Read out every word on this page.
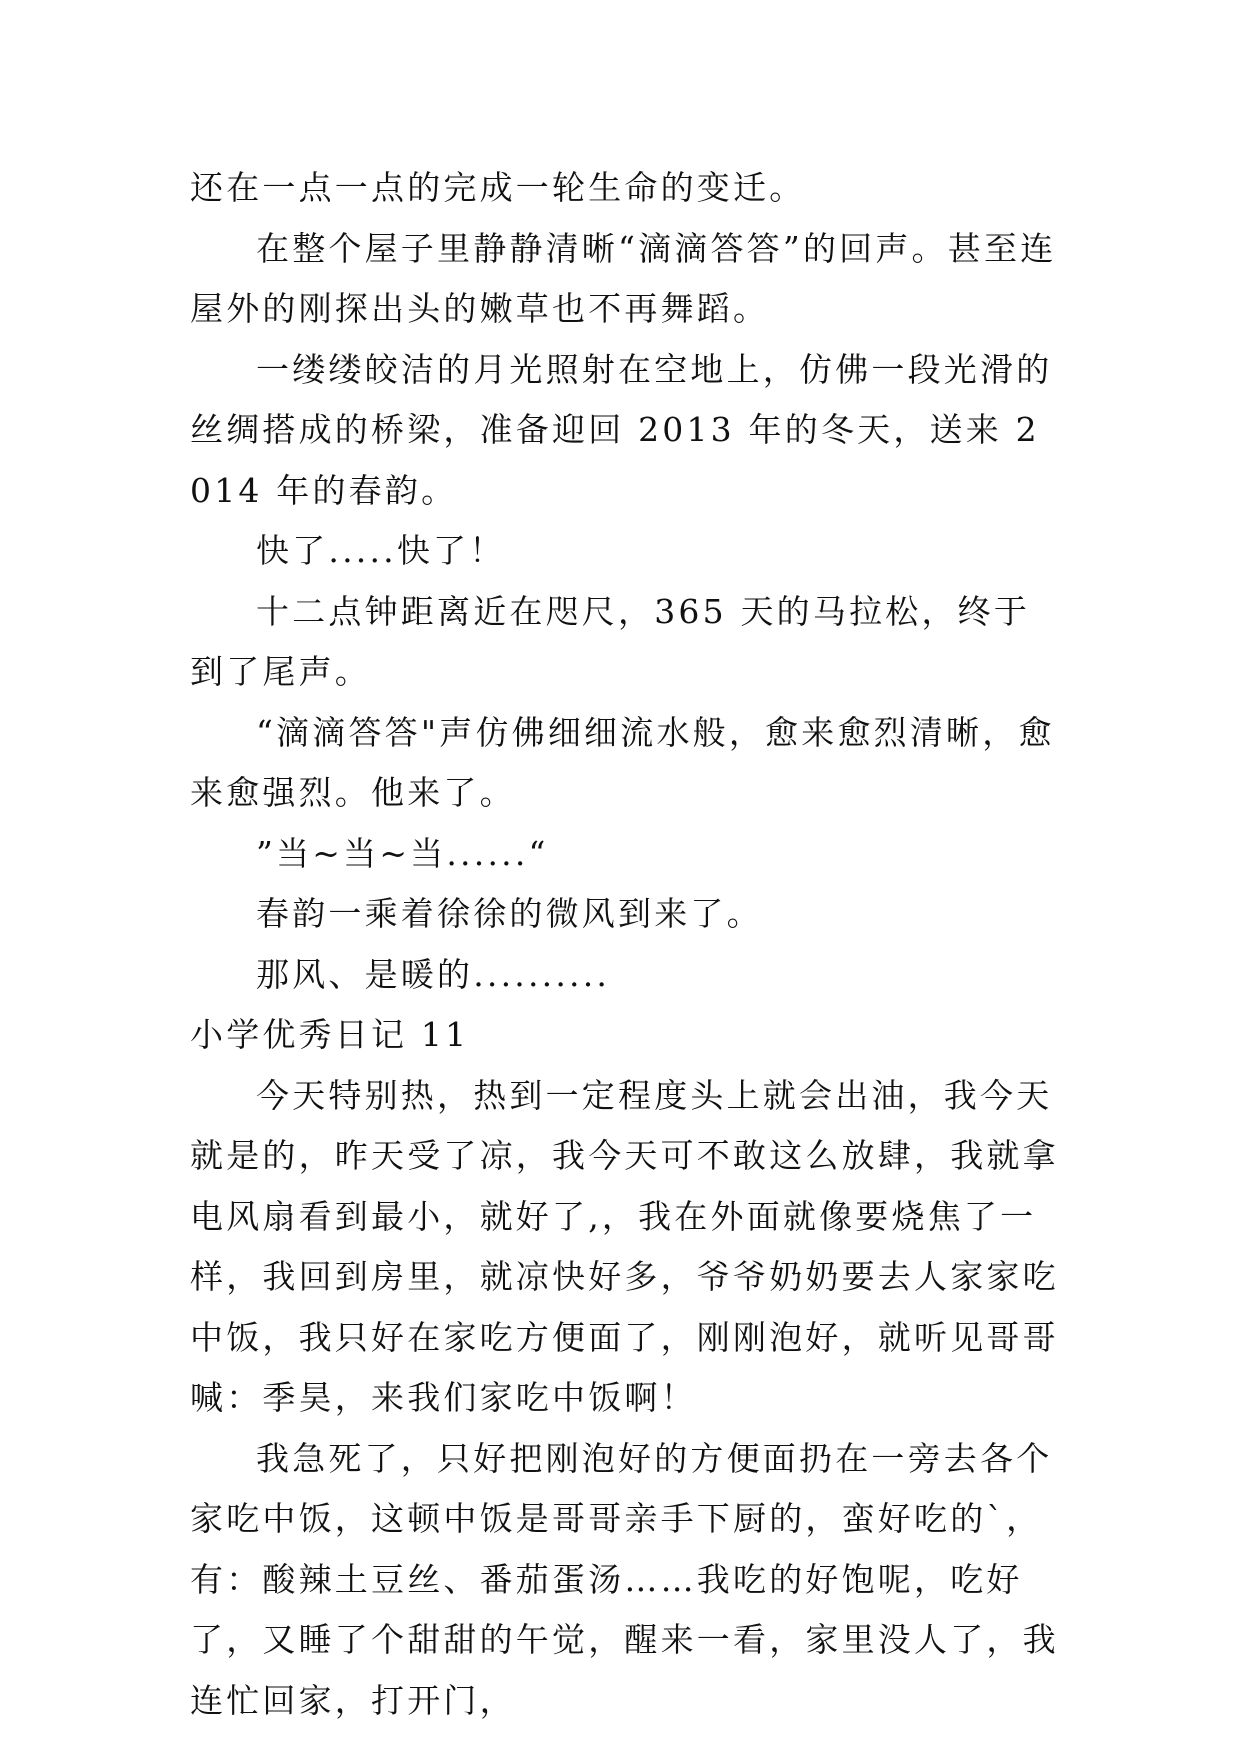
还在一点一点的完成一轮生命的变迁。

在整个屋子里静静清晰“滴滴答答”的回声。甚至连屋外的刚探出头的嫩草也不再舞蹈。

一缕缕皎洁的月光照射在空地上，仿佛一段光滑的丝绸搭成的桥梁，准备迎回 2013 年的冬天，送来 2014 年的春韵。

快了.....快了！

十二点钟距离近在咫尺，365 天的马拉松，终于到了尾声。

“滴滴答答"声仿佛细细流水般，愈来愈烈清晰，愈来愈强烈。他来了。

”当~当~当......“

春韵一乘着徐徐的微风到来了。

那风、是暖的..........

小学优秀日记 11

今天特别热，热到一定程度头上就会出油，我今天就是的，昨天受了凉，我今天可不敢这么放肆，我就拿电风扇看到最小，就好了,，我在外面就像要烧焦了一样，我回到房里，就凉快好多，爷爷奶奶要去人家家吃中饭，我只好在家吃方便面了，刚刚泡好，就听见哥哥喊：季昊，来我们家吃中饭啊！

我急死了，只好把刚泡好的方便面扔在一旁去各个家吃中饭，这顿中饭是哥哥亲手下厨的，蛮好吃的`，有：酸辣土豆丝、番茄蛋汤……我吃的好饱呢，吃好了，又睡了个甜甜的午觉，醒来一看，家里没人了，我连忙回家，打开门，
